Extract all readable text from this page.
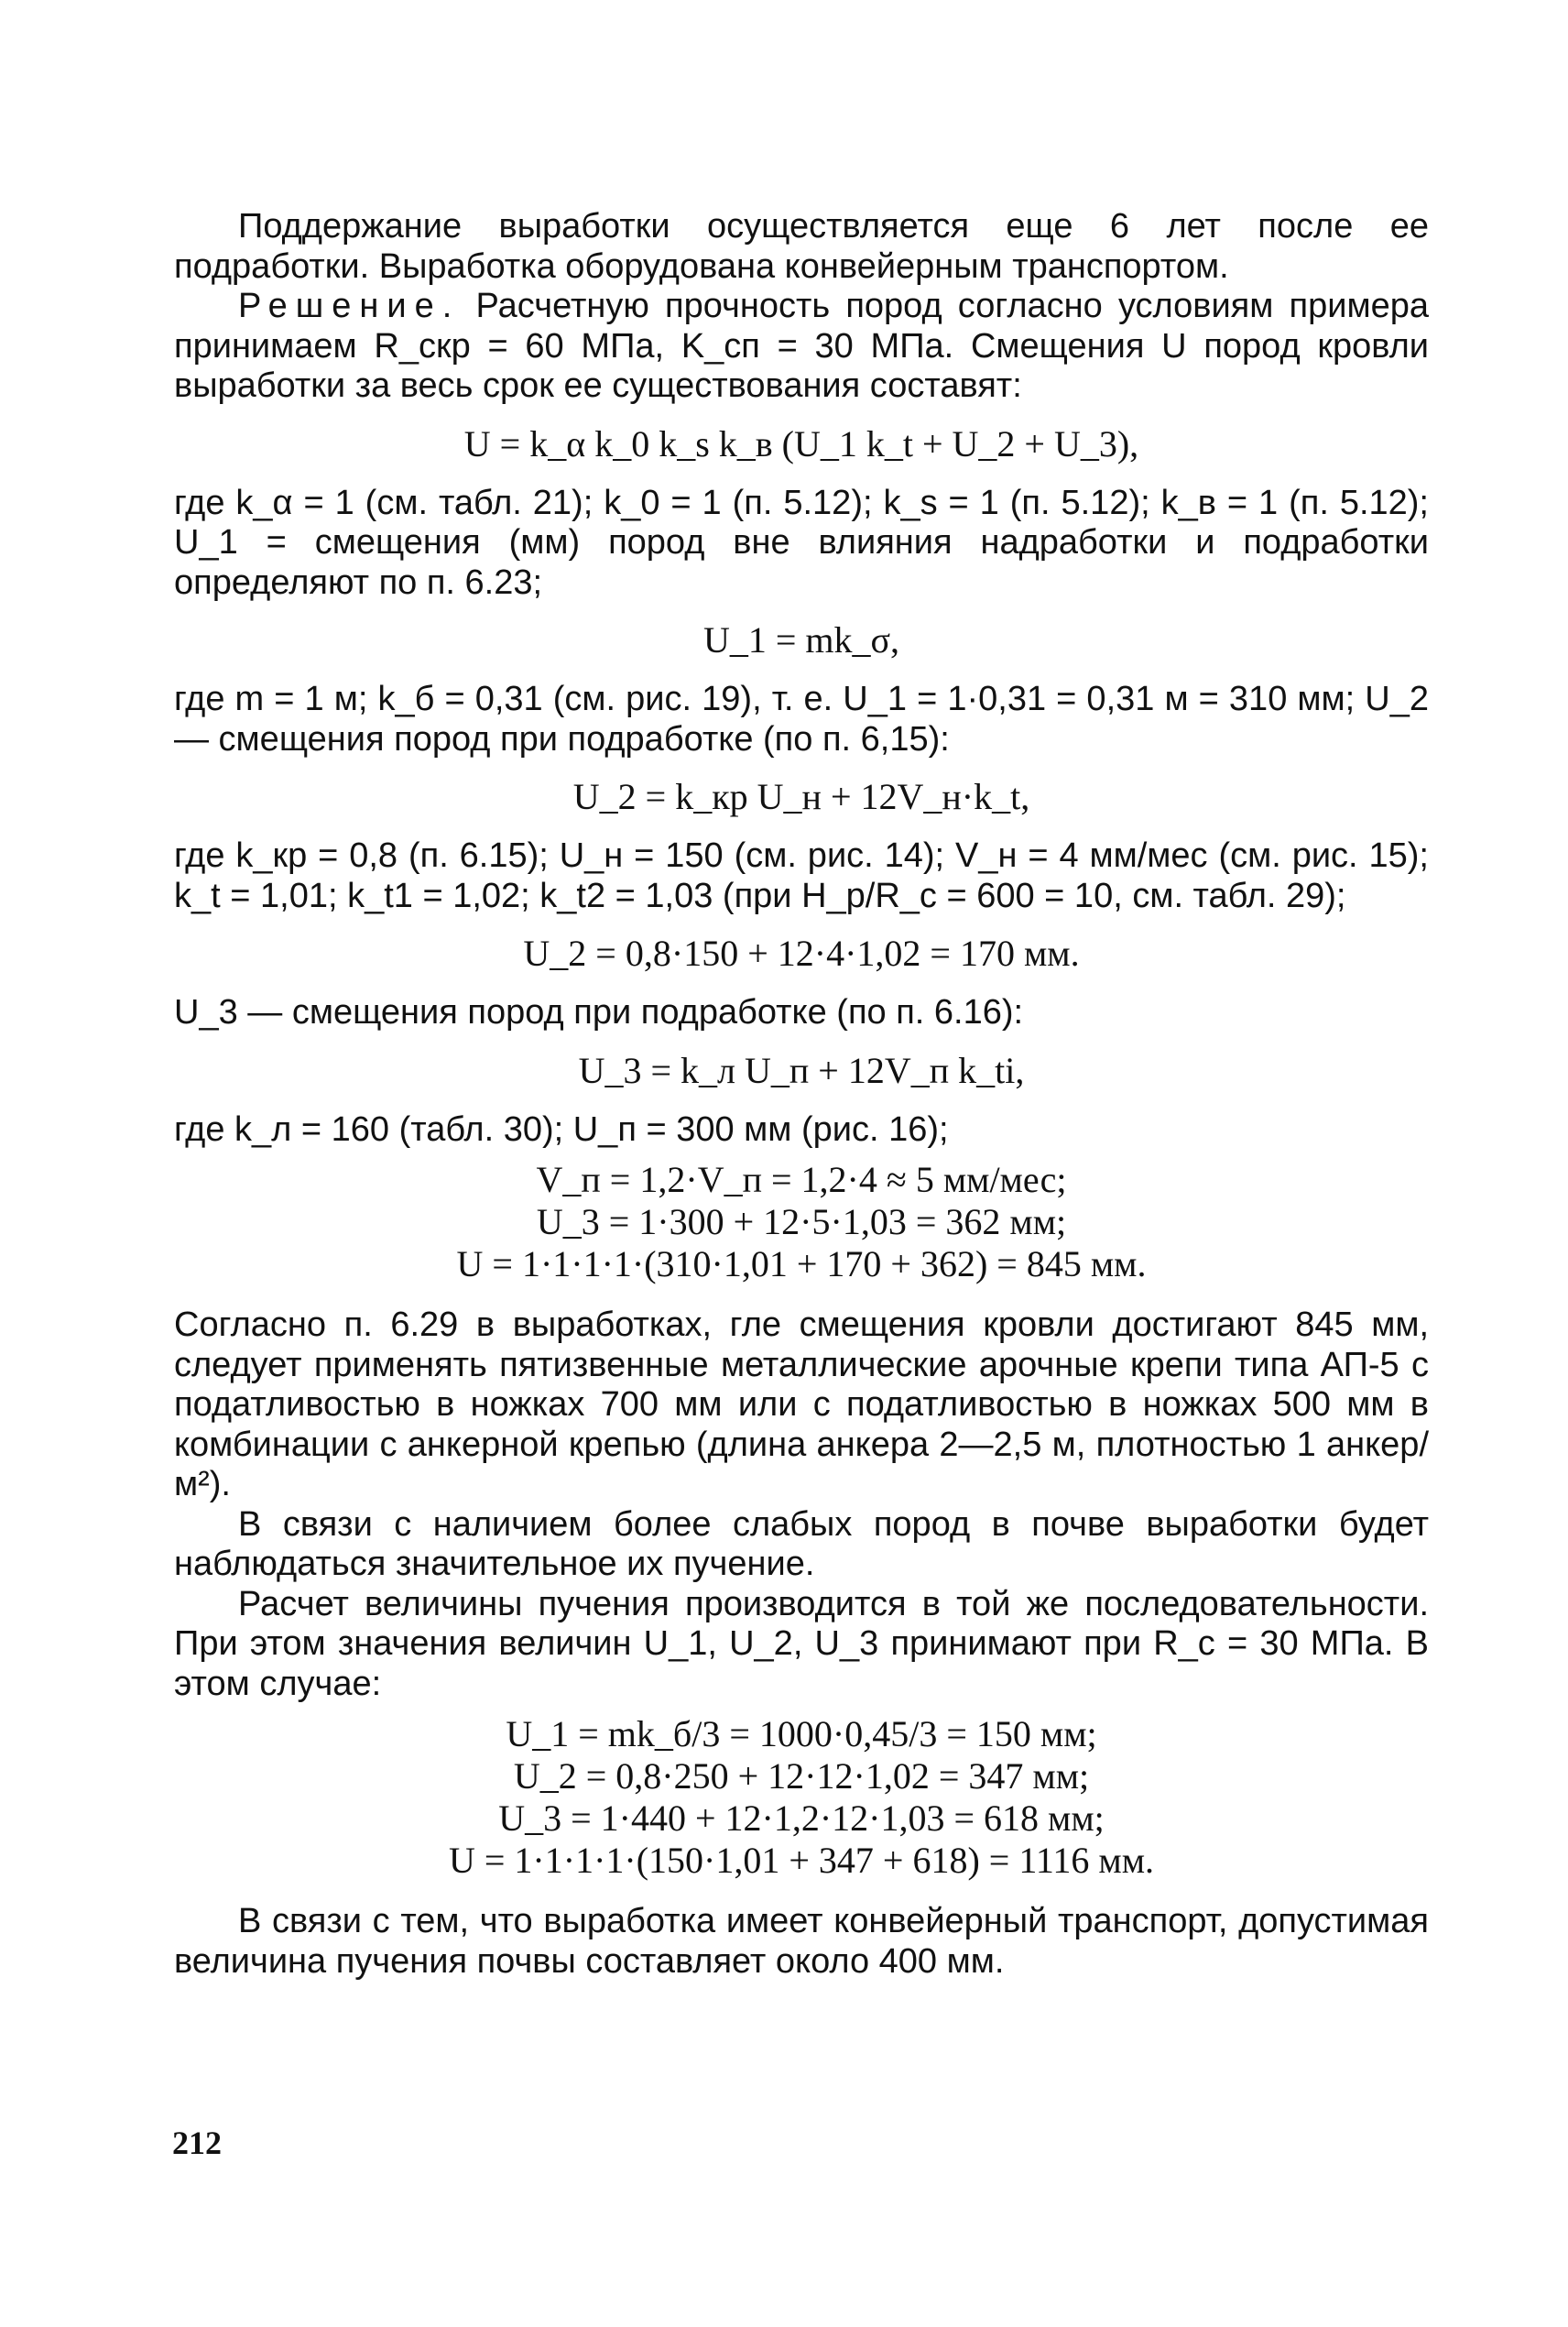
Поддержание выработки осуществляется еще 6 лет после ее подработки. Выработка оборудована конвейерным транспортом.

Решение. Расчетную прочность пород согласно условиям примера принимаем R_скр = 60 МПа, K_сп = 30 МПа. Смещения U пород кровли выработки за весь срок ее существования составят:

U = k_α k_0 k_s k_в (U_1 k_t + U_2 + U_3),

где k_α = 1 (см. табл. 21); k_0 = 1 (п. 5.12); k_s = 1 (п. 5.12); k_в = 1 (п. 5.12); U_1 = смещения (мм) пород вне влияния надработки и подработки определяют по п. 6.23;

U_1 = mk_σ,

где m = 1 м; k_б = 0,31 (см. рис. 19), т. е. U_1 = 1·0,31 = 0,31 м = 310 мм; U_2 — смещения пород при подработке (по п. 6,15):

U_2 = k_кр U_н + 12V_н·k_t,

где k_кр = 0,8 (п. 6.15); U_н = 150 (см. рис. 14); V_н = 4 мм/мес (см. рис. 15); k_t = 1,01; k_t1 = 1,02; k_t2 = 1,03 (при H_р/R_с = 600 = 10, см. табл. 29);

U_2 = 0,8·150 + 12·4·1,02 = 170 мм.

U_3 — смещения пород при подработке (по п. 6.16):

U_3 = k_л U_п + 12V_п k_ti,

где k_л = 160 (табл. 30); U_п = 300 мм (рис. 16);

V_п = 1,2·V_п = 1,2·4 ≈ 5 мм/мес;

U_3 = 1·300 + 12·5·1,03 = 362 мм;

U = 1·1·1·1·(310·1,01 + 170 + 362) = 845 мм.

Согласно п. 6.29 в выработках, гле смещения кровли достигают 845 мм, следует применять пятизвенные металлические арочные крепи типа АП-5 с податливостью в ножках 700 мм или с податливостью в ножках 500 мм в комбинации с анкерной крепью (длина анкера 2—2,5 м, плотностью 1 анкер/м²).

В связи с наличием более слабых пород в почве выработки будет наблюдаться значительное их пучение.

Расчет величины пучения производится в той же последовательности. При этом значения величин U_1, U_2, U_3 принимают при R_с = 30 МПа. В этом случае:

U_1 = mk_б/3 = 1000·0,45/3 = 150 мм;

U_2 = 0,8·250 + 12·12·1,02 = 347 мм;

U_3 = 1·440 + 12·1,2·12·1,03 = 618 мм;

U = 1·1·1·1·(150·1,01 + 347 + 618) = 1116 мм.

В связи с тем, что выработка имеет конвейерный транспорт, допустимая величина пучения почвы составляет около 400 мм.

212
